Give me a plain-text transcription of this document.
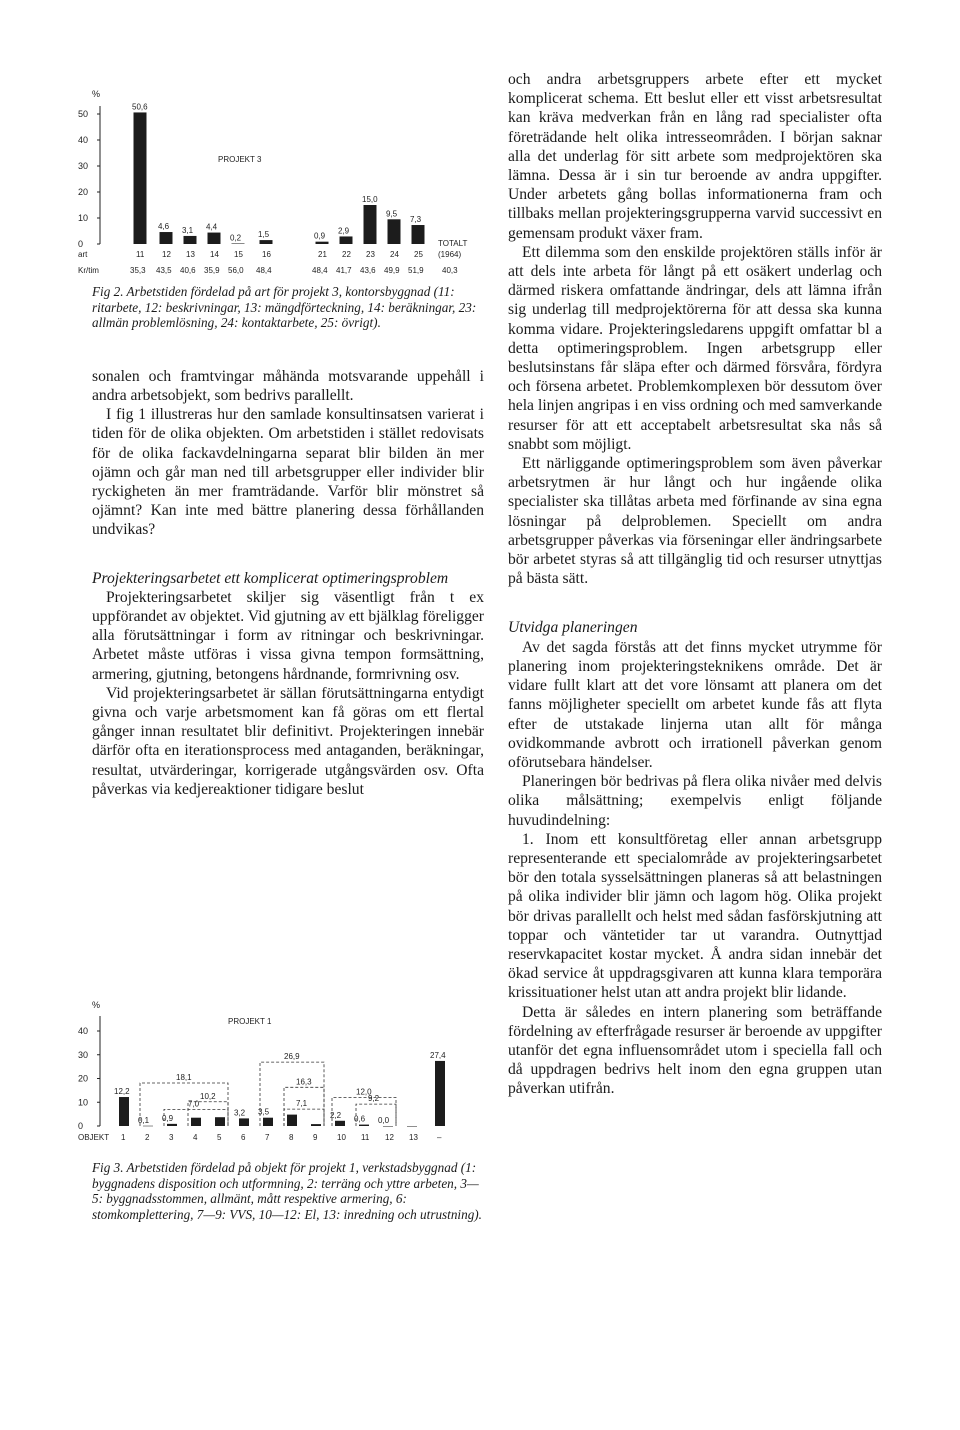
%
50
40
30
20
10
0
PROJEKT 3
50,6
11
35,3
4,6
12
43,5
3,1
13
40,6
4,4
14
35,9
0,2
15
56,0
1,5
16
48,4
0,9
21
48,4
2,9
22
41,7
15,0
23
43,6
9,5
24
49,9
7,3
25
51,9
art
Kr/tim
TOTALT
(1964)
40,3

Fig 2. Arbetstiden fördelad på art för projekt 3, kontorsbyggnad (11: ritarbete, 12: beskrivningar, 13: mängdförteckning, 14: beräkningar, 23: allmän problemlösning, 24: kontaktarbete, 25: övrigt).

sonalen och framtvingar måhända motsvarande uppehåll i andra arbetsobjekt, som bedrivs parallellt.

I fig 1 illustreras hur den samlade konsultinsatsen varierat i tiden för de olika objekten. Om arbetstiden i stället redovisats för de olika fackavdelningarna separat blir bilden än mer ojämn och går man ned till arbetsgrupper eller individer blir ryckigheten än mer framträdande. Varför blir mönstret så ojämnt? Kan inte med bättre planering dessa förhållanden undvikas?

Projekteringsarbetet ett komplicerat optimeringsproblem

Projekteringsarbetet skiljer sig väsentligt från t ex uppförandet av objektet. Vid gjutning av ett bjälklag föreligger alla förutsättningar i form av ritningar och beskrivningar. Arbetet måste utföras i vissa givna tempon formsättning, armering, gjutning, betongens hårdnande, formrivning osv.

Vid projekteringsarbetet är sällan förutsättningarna entydigt givna och varje arbetsmoment kan få göras om ett flertal gånger innan resultatet blir definitivt. Projekteringen innebär därför ofta en iterationsprocess med antaganden, beräkningar, resultat, utvärderingar, korrigerade utgångsvärden osv. Ofta påverkas via kedjereaktioner tidigare beslut

%
40
30
20
10
0
PROJEKT 1
12,2
1
0,1
2
0,9
3 4 5
3,2
6
3,5
7 8 9
2,2
10
0,6
11
0,0
12 13
27,4
–
OBJEKT
18,1
7,0
10,2
26,9
16,3
7,1
12,0
9,2

Fig 3. Arbetstiden fördelad på objekt för projekt 1, verkstadsbyggnad (1: byggnadens disposition och utformning, 2: terräng och yttre arbeten, 3—5: byggnadsstommen, allmänt, mått respektive armering, 6: stomkomplettering, 7—9: VVS, 10—12: El, 13: inredning och utrustning).

och andra arbetsgruppers arbete efter ett mycket komplicerat schema. Ett beslut eller ett visst arbetsresultat kan kräva medverkan från en lång rad specialister ofta företrädande helt olika intresseområden. I början saknar alla det underlag för sitt arbete som medprojektören ska lämna. Dessa är i sin tur beroende av andra uppgifter. Under arbetets gång bollas informationerna fram och tillbaks mellan projekteringsgrupperna varvid successivt en gemensam produkt växer fram.

Ett dilemma som den enskilde projektören ställs inför är att dels inte arbeta för långt på ett osäkert underlag och därmed riskera omfattande ändringar, dels att lämna ifrån sig underlag till medprojektörerna för att dessa ska kunna komma vidare. Projekteringsledarens uppgift omfattar bl a detta optimeringsproblem. Ingen arbetsgrupp eller beslutsinstans får släpa efter och därmed försvåra, fördyra och försena arbetet. Problemkomplexen bör dessutom över hela linjen angripas i en viss ordning och med samverkande resurser för att ett acceptabelt arbetsresultat ska nås så snabbt som möjligt.

Ett närliggande optimeringsproblem som även påverkar arbetsrytmen är hur långt och hur ingående olika specialister ska tillåtas arbeta med förfinande av sina egna lösningar på delproblemen. Speciellt om andra arbetsgrupper påverkas via förseningar eller ändringsarbete bör arbetet styras så att tillgänglig tid och resurser utnyttjas på bästa sätt.

Utvidga planeringen

Av det sagda förstås att det finns mycket utrymme för planering inom projekteringsteknikens område. Det är vidare fullt klart att det vore lönsamt att planera om det fanns möjligheter speciellt om arbetet kunde fås att flyta efter de utstakade linjerna utan allt för många ovidkommande avbrott och irrationell påverkan genom oförutsebara händelser.

Planeringen bör bedrivas på flera olika nivåer med delvis olika målsättning; exempelvis enligt följande huvudindelning:

1. Inom ett konsultföretag eller annan arbetsgrupp representerande ett specialområde av projekteringsarbetet bör den totala sysselsättningen planeras så att belastningen på olika individer blir jämn och lagom hög. Olika projekt bör drivas parallellt och helst med sådan fasförskjutning att toppar och väntetider tar ut varandra. Outnyttjad reservkapacitet kostar mycket. Å andra sidan innebär det ökad service åt uppdragsgivaren att kunna klara temporära krissituationer helst utan att andra projekt blir lidande.

Detta är således en intern planering som beträffande fördelning av efterfrågade resurser är beroende av uppgifter utanför det egna influensområdet utom i speciella fall och då uppdragen bedrivs helt inom den egna gruppen utan påverkan utifrån.
